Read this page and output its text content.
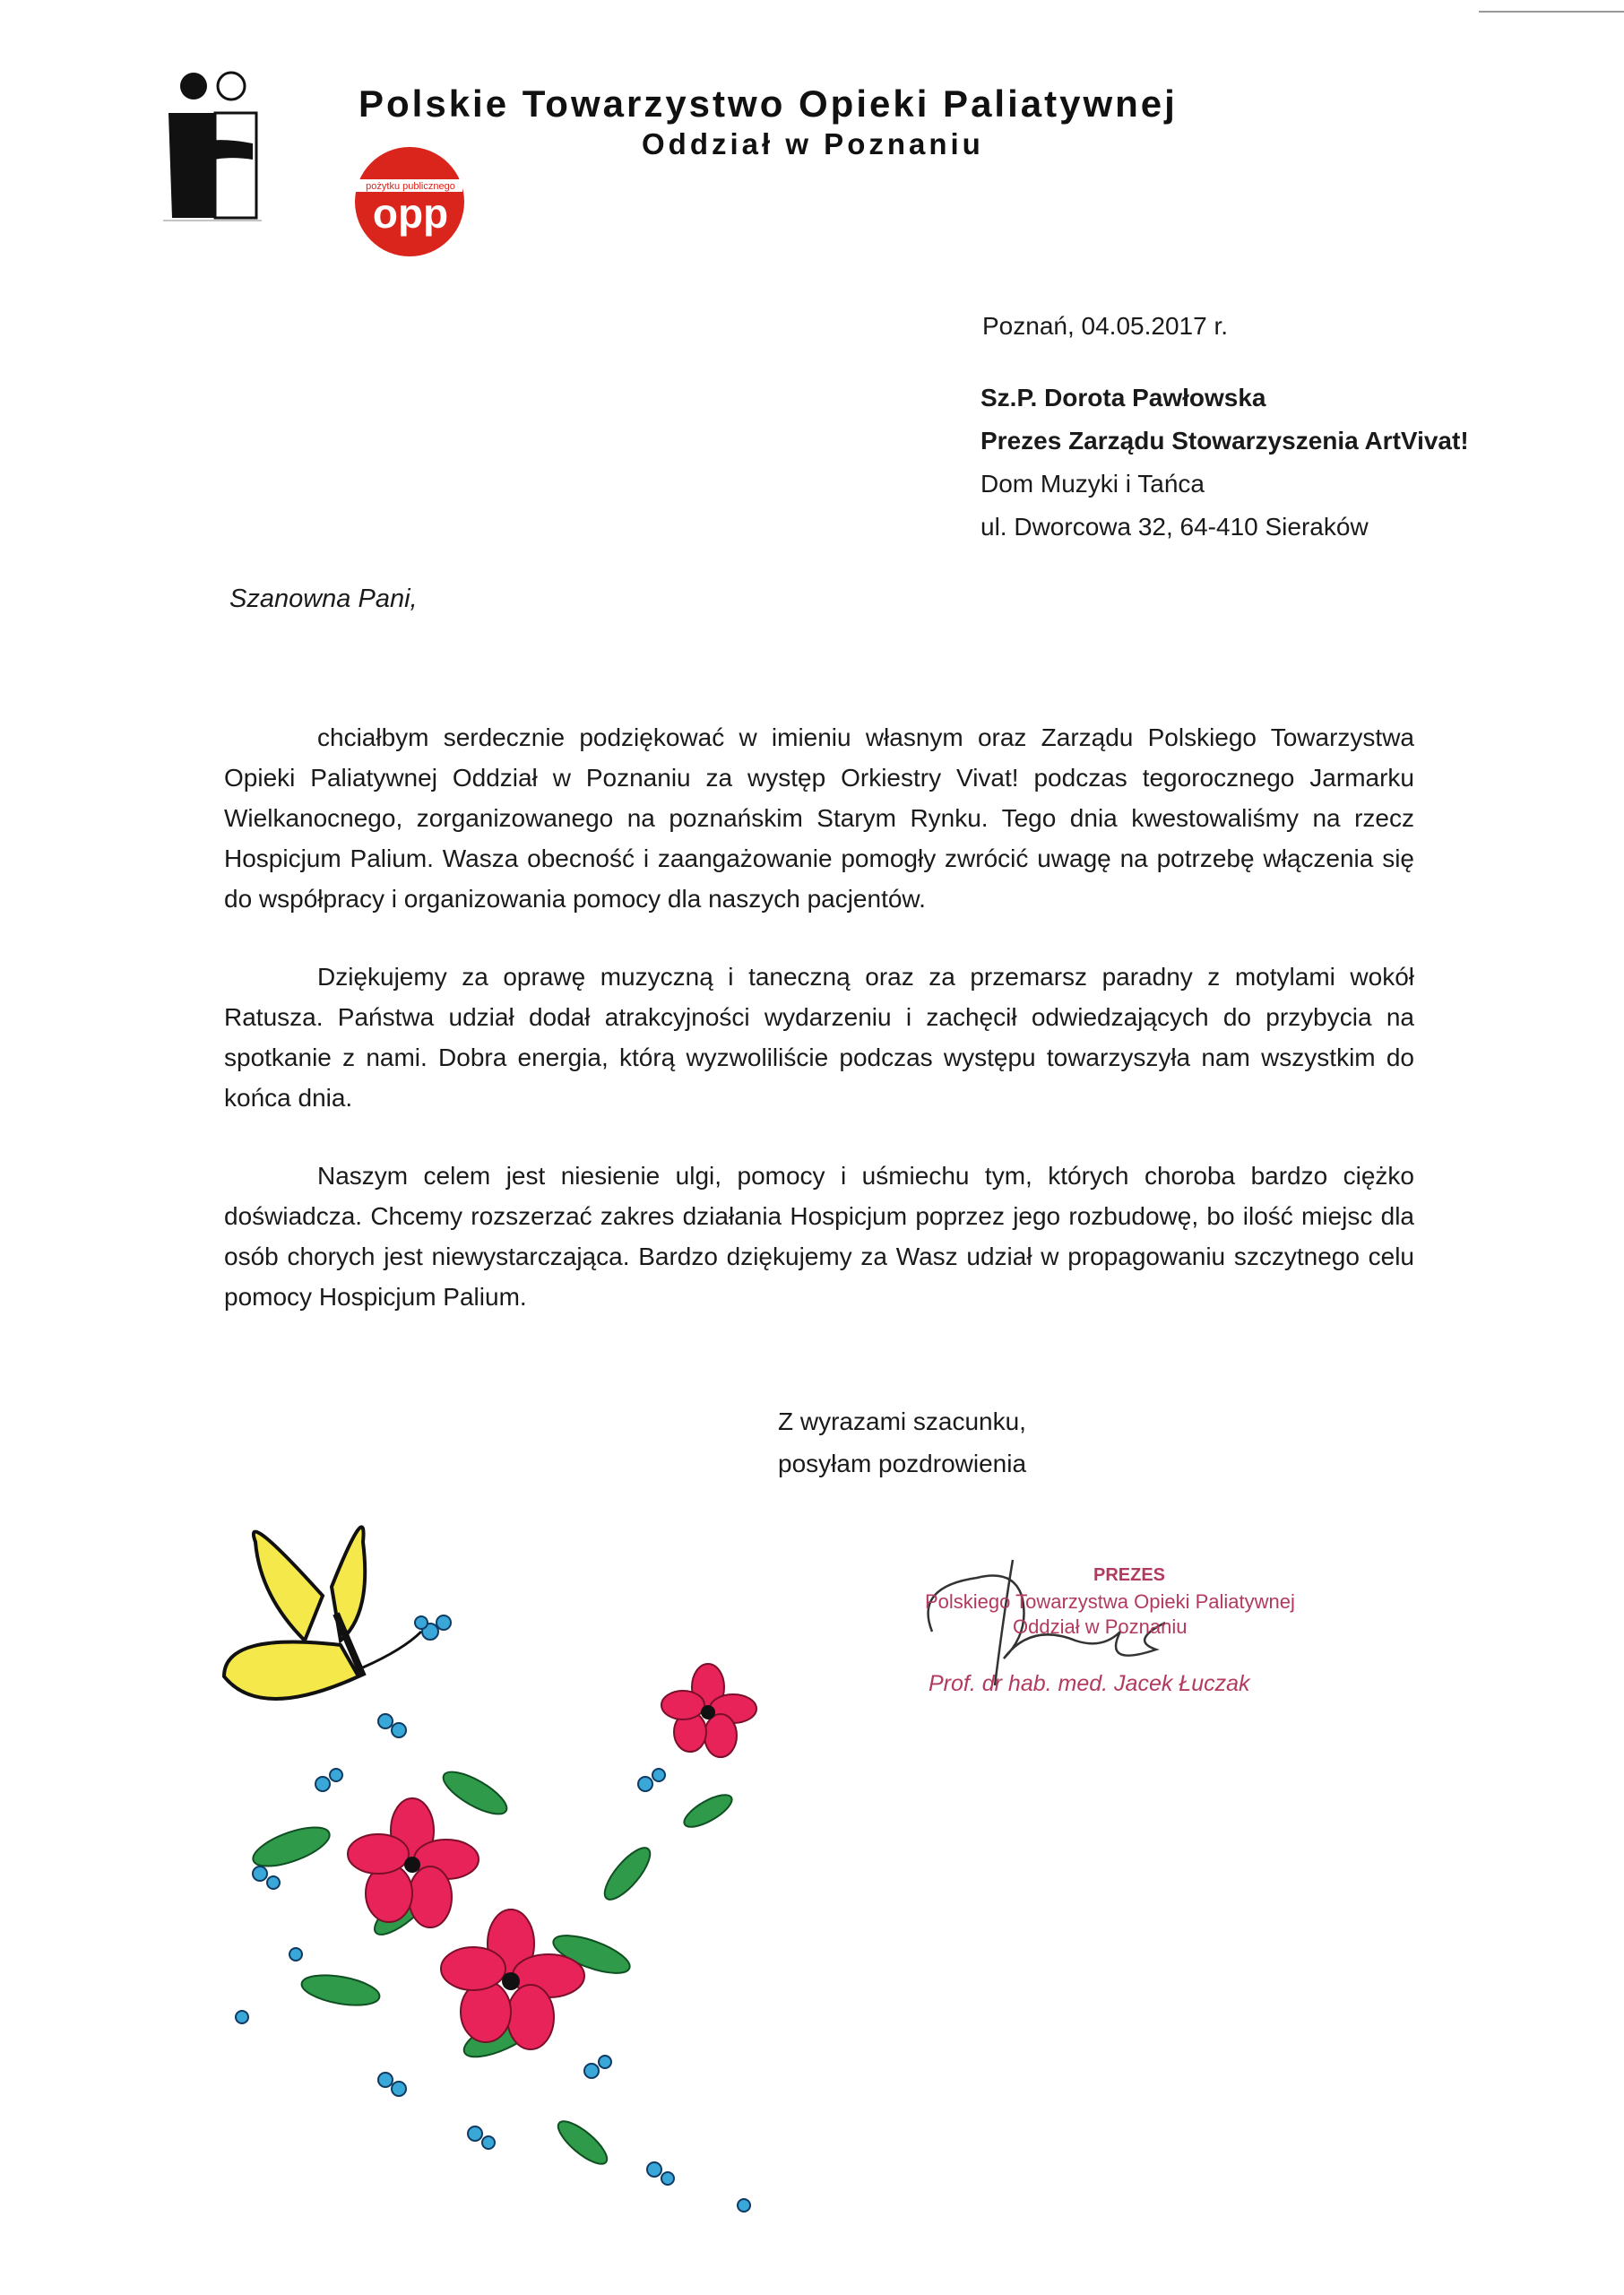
pożytku publicznego
opp
Polskie Towarzystwo Opieki Paliatywnej
Oddział w Poznaniu
Poznań, 04.05.2017 r.
Sz.P. Dorota Pawłowska
Prezes Zarządu Stowarzyszenia ArtVivat!
Dom Muzyki i Tańca
ul. Dworcowa 32, 64-410 Sieraków
Szanowna Pani,

chciałbym serdecznie podziękować w imieniu własnym oraz Zarządu Polskiego Towarzystwa Opieki Paliatywnej Oddział w Poznaniu za występ Orkiestry Vivat! podczas tegorocznego Jarmarku Wielkanocnego, zorganizowanego na poznańskim Starym Rynku. Tego dnia kwestowaliśmy na rzecz Hospicjum Palium. Wasza obecność i zaangażowanie pomogły zwrócić uwagę na potrzebę włączenia się do współpracy i organizowania pomocy dla naszych pacjentów.

Dziękujemy za oprawę muzyczną i taneczną oraz za przemarsz paradny z motylami wokół Ratusza. Państwa udział dodał atrakcyjności wydarzeniu i zachęcił odwiedzających do przybycia na spotkanie z nami. Dobra energia, którą wyzwoliliście podczas występu towarzyszyła nam wszystkim do końca dnia.

Naszym celem jest niesienie ulgi, pomocy i uśmiechu tym, których choroba bardzo ciężko doświadcza. Chcemy rozszerzać zakres działania Hospicjum poprzez jego rozbudowę, bo ilość miejsc dla osób chorych jest niewystarczająca. Bardzo dziękujemy za Wasz udział w propagowaniu szczytnego celu pomocy Hospicjum Palium.

Z wyrazami szacunku,
posyłam pozdrowienia
PREZES
Polskiego Towarzystwa Opieki Paliatywnej
Oddział w Poznaniu
Prof. dr hab. med. Jacek Łuczak
